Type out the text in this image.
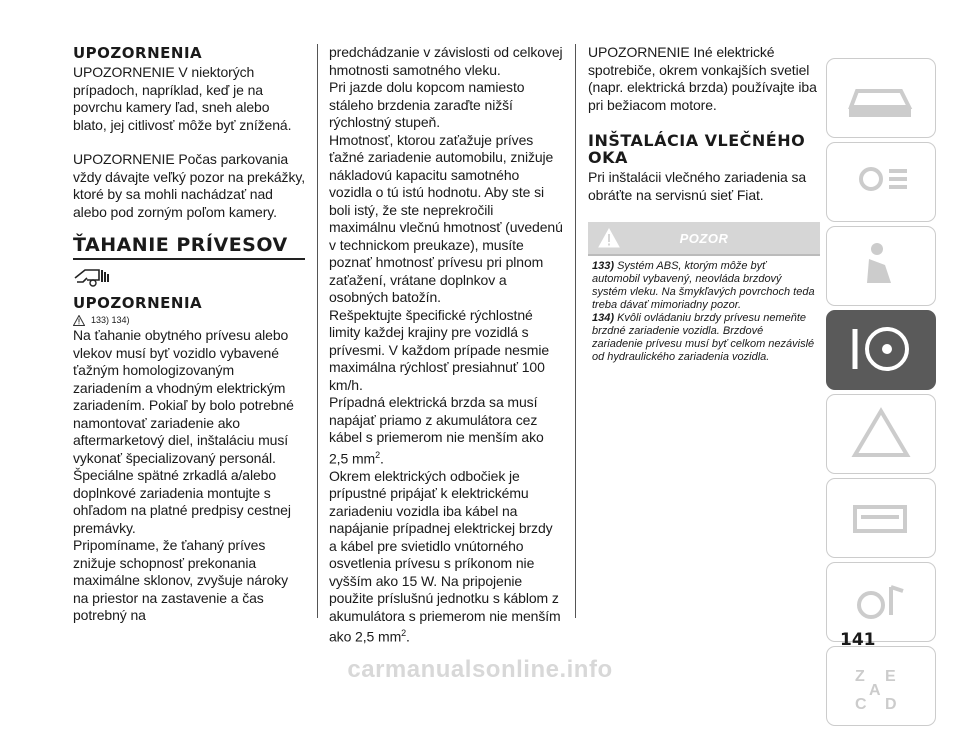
UPOZORNENIA

UPOZORNENIE V niektorých prípadoch, napríklad, keď je na povrchu kamery ľad, sneh alebo blato, jej citlivosť môže byť znížená.

UPOZORNENIE Počas parkovania vždy dávajte veľký pozor na prekážky, ktoré by sa mohli nachádzať nad alebo pod zorným poľom kamery.

ŤAHANIE PRÍVESOV
UPOZORNENIA
133) 134)

Na ťahanie obytného prívesu alebo vlekov musí byť vozidlo vybavené ťažným homologizovaným zariadením a vhodným elektrickým zariadením. Pokiaľ by bolo potrebné namontovať zariadenie ako aftermarketový diel, inštaláciu musí vykonať špecializovaný personál.

Špeciálne spätné zrkadlá a/alebo doplnkové zariadenia montujte s ohľadom na platné predpisy cestnej premávky.

Pripomíname, že ťahaný príves znižuje schopnosť prekonania maximálne sklonov, zvyšuje nároky na priestor na zastavenie a čas potrebný na

predchádzanie v závislosti od celkovej hmotnosti samotného vleku.

Pri jazde dolu kopcom namiesto stáleho brzdenia zaraďte nižší rýchlostný stupeň.

Hmotnosť, ktorou zaťažuje príves ťažné zariadenie automobilu, znižuje nákladovú kapacitu samotného vozidla o tú istú hodnotu. Aby ste si boli istý, že ste neprekročili maximálnu vlečnú hmotnosť (uvedenú v technickom preukaze), musíte poznať hmotnosť prívesu pri plnom zaťažení, vrátane doplnkov a osobných batožín.

Rešpektujte špecifické rýchlostné limity každej krajiny pre vozidlá s prívesmi. V každom prípade nesmie maximálna rýchlosť presiahnuť 100 km/h.

Prípadná elektrická brzda sa musí napájať priamo z akumulátora cez kábel s priemerom nie menším ako 2,5 $mm^2$.

Okrem elektrických odbočiek je prípustné pripájať k elektrickému zariadeniu vozidla iba kábel na napájanie prípadnej elektrickej brzdy a kábel pre svietidlo vnútorného osvetlenia prívesu s príkonom nie vyšším ako 15 W. Na pripojenie použite príslušnú jednotku s káblom z akumulátora s priemerom nie menším ako 2,5 $mm^2$.

UPOZORNENIE Iné elektrické spotrebiče, okrem vonkajších svetiel (napr. elektrická brzda) používajte iba pri bežiacom motore.

INŠTALÁCIA VLEČNÉHO OKA

Pri inštalácii vlečného zariadenia sa obráťte na servisnú sieť Fiat.

POZOR
133) Systém ABS, ktorým môže byť automobil vybavený, neovláda brzdový systém vleku. Na šmykľavých povrchoch teda treba dávať mimoriadny pozor.
134) Kvôli ovládaniu brzdy prívesu nemeňte brzdné zariadenie vozidla. Brzdové zariadenie prívesu musí byť celkom nezávislé od hydraulického zariadenia vozidla.
Z E
A
C D
141
carmanualsonline.info
